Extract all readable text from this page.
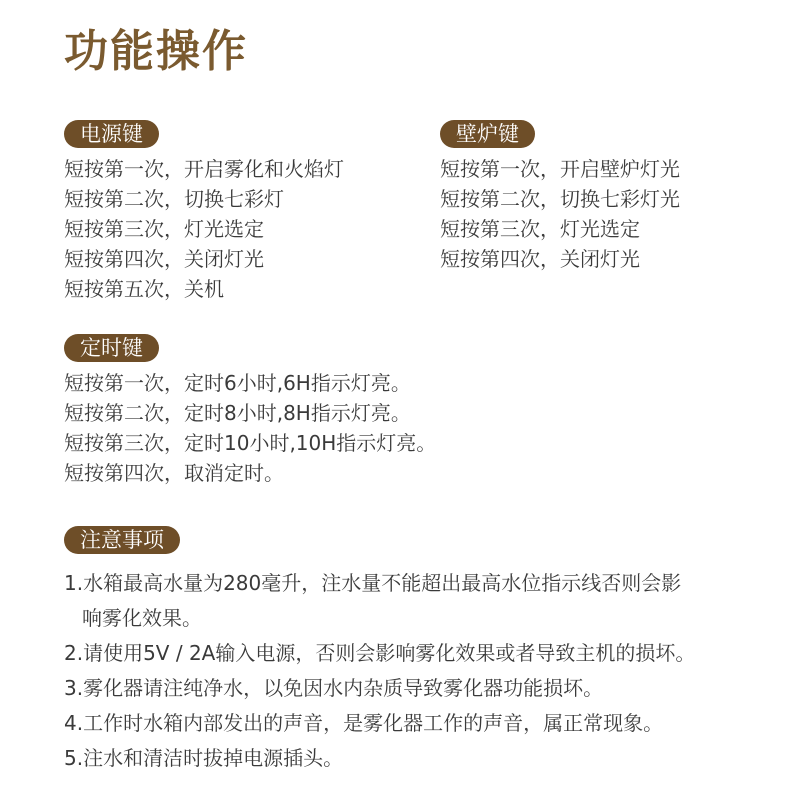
功能操作
电源键
短按第一次，开启雾化和火焰灯
短按第二次，切换七彩灯
短按第三次，灯光选定
短按第四次，关闭灯光
短按第五次，关机
壁炉键
短按第一次，开启壁炉灯光
短按第二次，切换七彩灯光
短按第三次，灯光选定
短按第四次，关闭灯光
定时键
短按第一次，定时6小时,6H指示灯亮。
短按第二次，定时8小时,8H指示灯亮。
短按第三次，定时10小时,10H指示灯亮。
短按第四次，取消定时。
注意事项
1.水箱最高水量为280毫升，注水量不能超出最高水位指示线否则会影
响雾化效果。
2.请使用5V / 2A输入电源，否则会影响雾化效果或者导致主机的损坏。
3.雾化器请注纯净水，以免因水内杂质导致雾化器功能损坏。
4.工作时水箱内部发出的声音，是雾化器工作的声音，属正常现象。
5.注水和清洁时拔掉电源插头。
